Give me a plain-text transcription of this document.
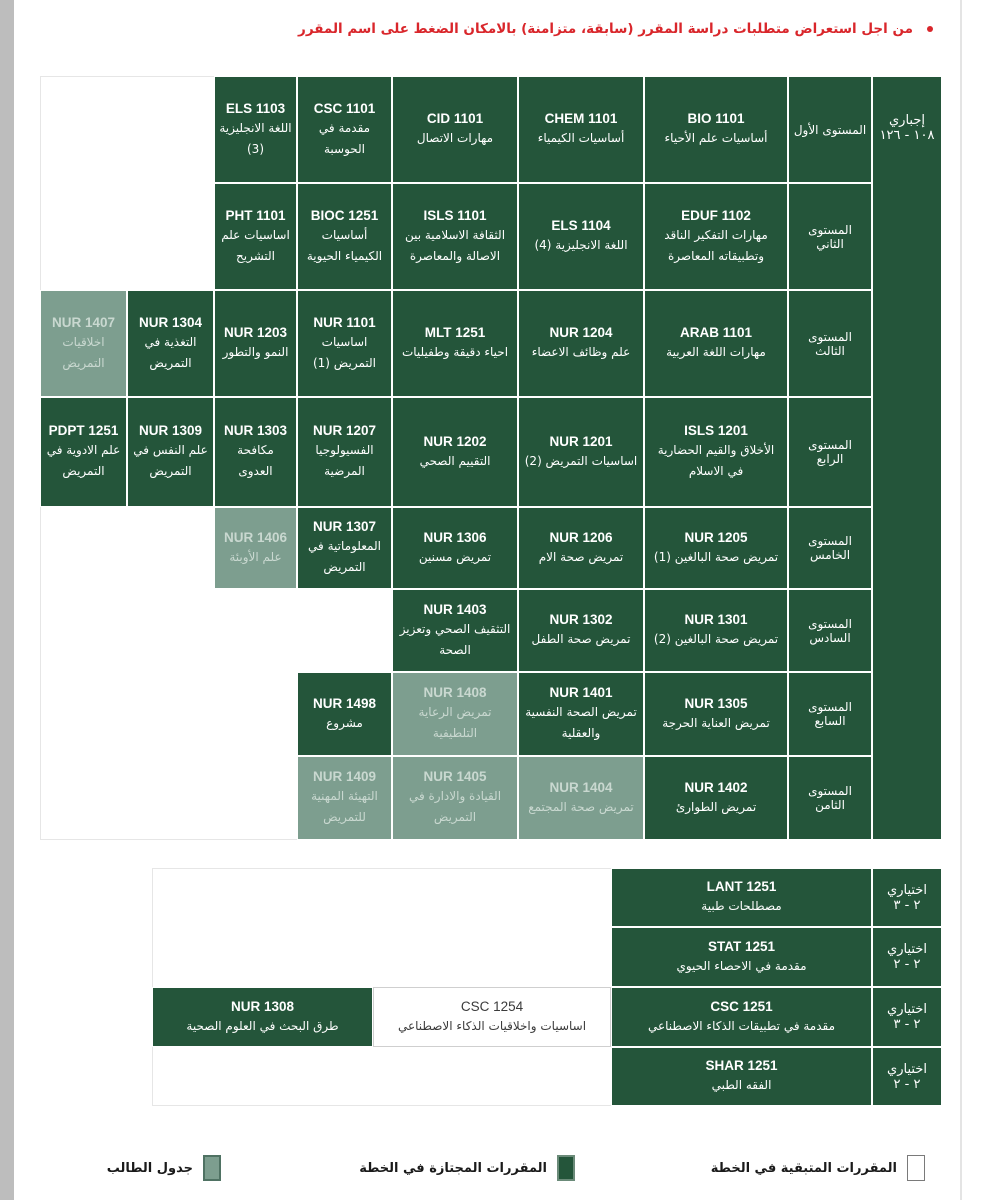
من اجل استعراض متطلبات دراسة المقرر (سابقة، متزامنة) بالامكان الضغط على اسم المقرر
إجباري
١٠٨ - ١٢٦
المستوى الأول
BIO 1101
أساسيات علم الأحياء
CHEM 1101
أساسيات الكيمياء
CID 1101
مهارات الاتصال
CSC 1101
مقدمة في الحوسبة
ELS 1103
اللغة الانجليزية (3)
المستوى الثاني
EDUF 1102
مهارات التفكير الناقد وتطبيقاته المعاصرة
ELS 1104
اللغة الانجليزية (4)
ISLS 1101
الثقافة الاسلامية بين الاصالة والمعاصرة
BIOC 1251
أساسيات الكيمياء الحيوية
PHT 1101
اساسيات علم التشريح
المستوى الثالث
ARAB 1101
مهارات اللغة العربية
NUR 1204
علم وظائف الاعضاء
MLT 1251
احياء دقيقة وطفيليات
NUR 1101
اساسيات التمريض (1)
NUR 1203
النمو والتطور
NUR 1304
التغذية في التمريض
NUR 1407
اخلاقيات التمريض
المستوى الرابع
ISLS 1201
الأخلاق والقيم الحضارية في الاسلام
NUR 1201
اساسيات التمريض (2)
NUR 1202
التقييم الصحي
NUR 1207
الفسيولوجيا المرضية
NUR 1303
مكافحة العدوى
NUR 1309
علم النفس في التمريض
PDPT 1251
علم الادوية في التمريض
المستوى الخامس
NUR 1205
تمريض صحة البالغين (1)
NUR 1206
تمريض صحة الام
NUR 1306
تمريض مسنين
NUR 1307
المعلوماتية في التمريض
NUR 1406
علم الأوبئة
المستوى السادس
NUR 1301
تمريض صحة البالغين (2)
NUR 1302
تمريض صحة الطفل
NUR 1403
التثقيف الصحي وتعزيز الصحة
المستوى السابع
NUR 1305
تمريض العناية الحرجة
NUR 1401
تمريض الصحة النفسية والعقلية
NUR 1408
تمريض الرعاية التلطيفية
NUR 1498
مشروع
المستوى الثامن
NUR 1402
تمريض الطوارئ
NUR 1404
تمريض صحة المجتمع
NUR 1405
القيادة والادارة في التمريض
NUR 1409
التهيئة المهنية للتمريض
اختياري
٢ - ٣
LANT 1251
مصطلحات طبية
اختياري
٢ - ٢
STAT 1251
مقدمة في الاحصاء الحيوي
اختياري
٢ - ٣
CSC 1251
مقدمة في تطبيقات الذكاء الاصطناعي
CSC 1254
اساسيات واخلاقيات الذكاء الاصطناعي
NUR 1308
طرق البحث في العلوم الصحية
اختياري
٢ - ٢
SHAR 1251
الفقه الطبي
المقررات المتبقية في الخطة
المقررات المجتازة في الخطة
جدول الطالب
